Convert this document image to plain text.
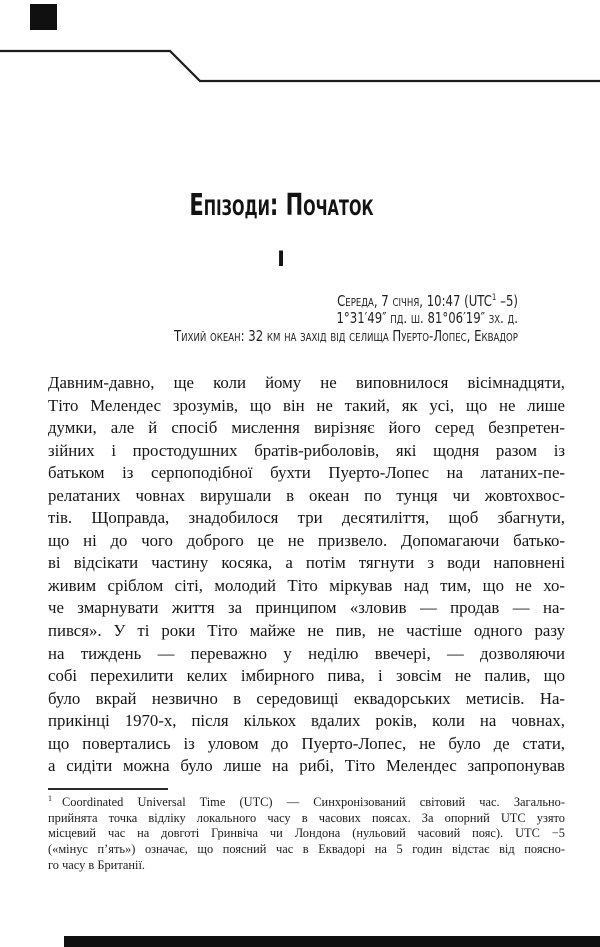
Епізоди: Початок
I
Середа, 7 січня, 10:47 (UTC$^1$ –5)
1°31′49″ пд. ш. 81°06′19″ зх. д.
Тихий океан: 32 км на захід від селища Пуерто-Лопес, Еквадор
Давним-давно, ще коли йому не виповнилося вісімнадцяти,
Тіто Мелендес зрозумів, що він не такий, як усі, що не лише
думки, але й спосіб мислення вирізняє його серед безпретен-
зійних і простодушних братів-риболовів, які щодня разом із
батьком із серпоподібної бухти Пуерто-Лопес на латаних-пе-
релатаних човнах вирушали в океан по тунця чи жовтохвос-
тів. Щоправда, знадобилося три десятиліття, щоб збагнути,
що ні до чого доброго це не призвело. Допомагаючи батько-
ві відсікати частину косяка, а потім тягнути з води наповнені
живим сріблом сіті, молодий Тіто міркував над тим, що не хо-
че змарнувати життя за принципом «зловив — продав — на-
пився». У ті роки Тіто майже не пив, не частіше одного разу
на тиждень — переважно у неділю ввечері, — дозволяючи
собі перехилити келих імбирного пива, і зовсім не палив, що
було вкрай незвично в середовищі еквадорських метисів. На-
прикінці 1970-х, після кількох вдалих років, коли на човнах,
що повертались із уловом до Пуерто-Лопес, не було де стати,
а сидіти можна було лише на рибі, Тіто Мелендес запропонував
$^1$ Coordinated Universal Time (UTC) — Синхронізований світовий час. Загально-
прийнята точка відліку локального часу в часових поясах. За опорний UTC узято
місцевий час на довготі Гринвіча чи Лондона (нульовий часовий пояс). UTC −5
(«мінус п’ять») означає, що поясний час в Еквадорі на 5 годин відстає від поясно-
го часу в Британії.
